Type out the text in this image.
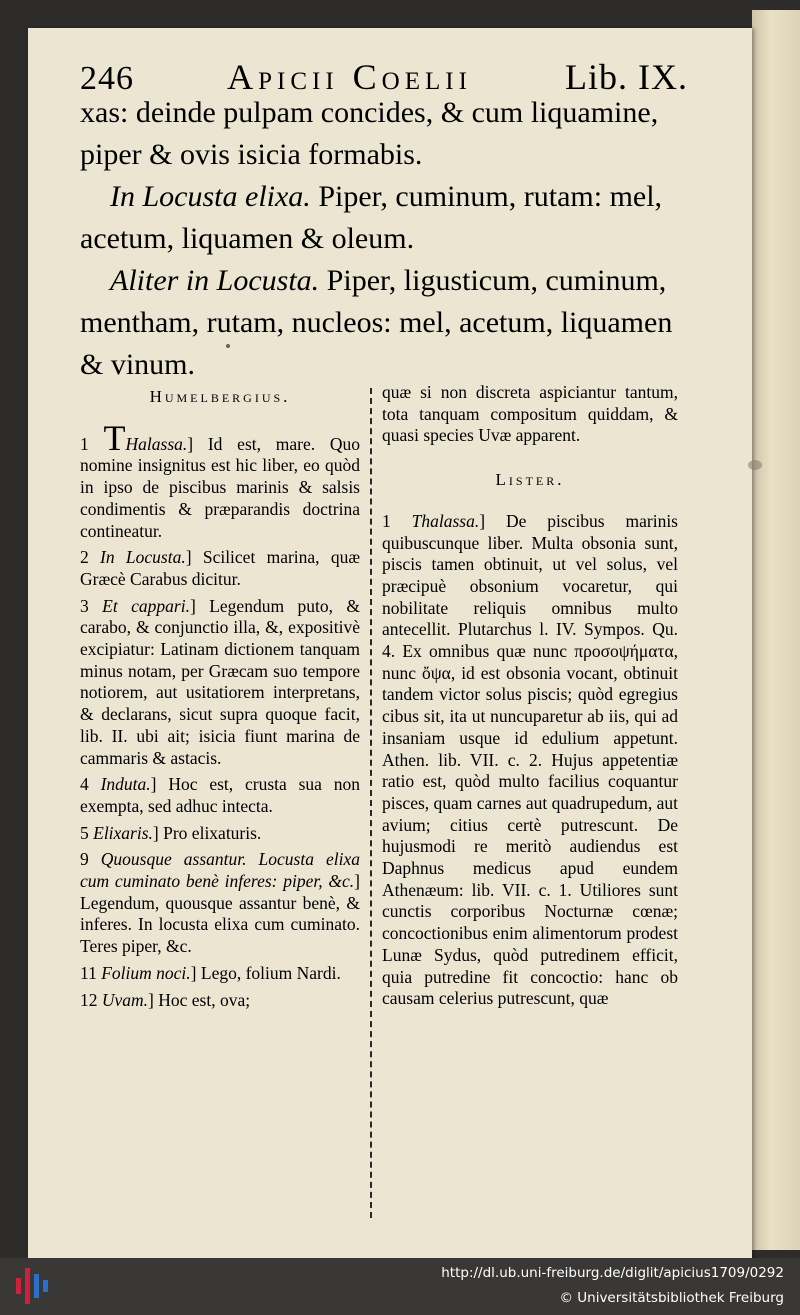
246	Apicii Coelii	Lib. IX.

xas: deinde pulpam concides, & cum liquamine, piper & ovis isicia formabis.

In Locusta elixa. Piper, cuminum, rutam: mel, acetum, liquamen & oleum.

Aliter in Locusta. Piper, ligusticum, cuminum, mentham, rutam, nucleos: mel, acetum, liquamen & vinum.

Humelbergius.

1 THalassa.] Id est, mare. Quo nomine insignitus est hic liber, eo quòd in ipso de piscibus marinis & salsis condimentis & præparandis doctrina contineatur.

2 In Locusta.] Scilicet marina, quæ Græcè Carabus dicitur.

3 Et cappari.] Legendum puto, & carabo, & conjunctio illa, &, expositivè excipiatur: Latinam dictionem tanquam minus notam, per Græcam suo tempore notiorem, aut usitatiorem interpretans, & declarans, sicut supra quoque facit, lib. II. ubi ait; isicia fiunt marina de cammaris & astacis.

4 Induta.] Hoc est, crusta sua non exempta, sed adhuc intecta.

5 Elixaris.] Pro elixaturis.

9 Quousque assantur. Locusta elixa cum cuminato benè inferes: piper, &c.] Legendum, quousque assantur benè, & inferes. In locusta elixa cum cuminato. Teres piper, &c.

11 Folium noci.] Lego, folium Nardi.

12 Uvam.] Hoc est, ova;

quæ si non discreta aspiciantur tantum, tota tanquam compositum quiddam, & quasi species Uvæ apparent.

Lister.

1 Thalassa.] De piscibus marinis quibuscunque liber. Multa obsonia sunt, piscis tamen obtinuit, ut vel solus, vel præcipuè obsonium vocaretur, qui nobilitate reliquis omnibus multo antecellit. Plutarchus l. IV. Sympos. Qu. 4. Ex omnibus quæ nunc προσοψήματα, nunc ὄψα, id est obsonia vocant, obtinuit tandem victor solus piscis; quòd egregius cibus sit, ita ut nuncuparetur ab iis, qui ad insaniam usque id edulium appetunt. Athen. lib. VII. c. 2. Hujus appetentiæ ratio est, quòd multo facilius coquantur pisces, quam carnes aut quadrupedum, aut avium; citius certè putrescunt. De hujusmodi re meritò audiendus est Daphnus medicus apud eundem Athenæum: lib. VII. c. 1. Utiliores sunt cunctis corporibus Nocturnæ cœnæ; concoctionibus enim alimentorum prodest Lunæ Sydus, quòd putredinem efficit, quia putredine fit concoctio: hanc ob causam celerius putrescunt, quæ

http://dl.ub.uni-freiburg.de/diglit/apicius1709/0292
© Universitätsbibliothek Freiburg
